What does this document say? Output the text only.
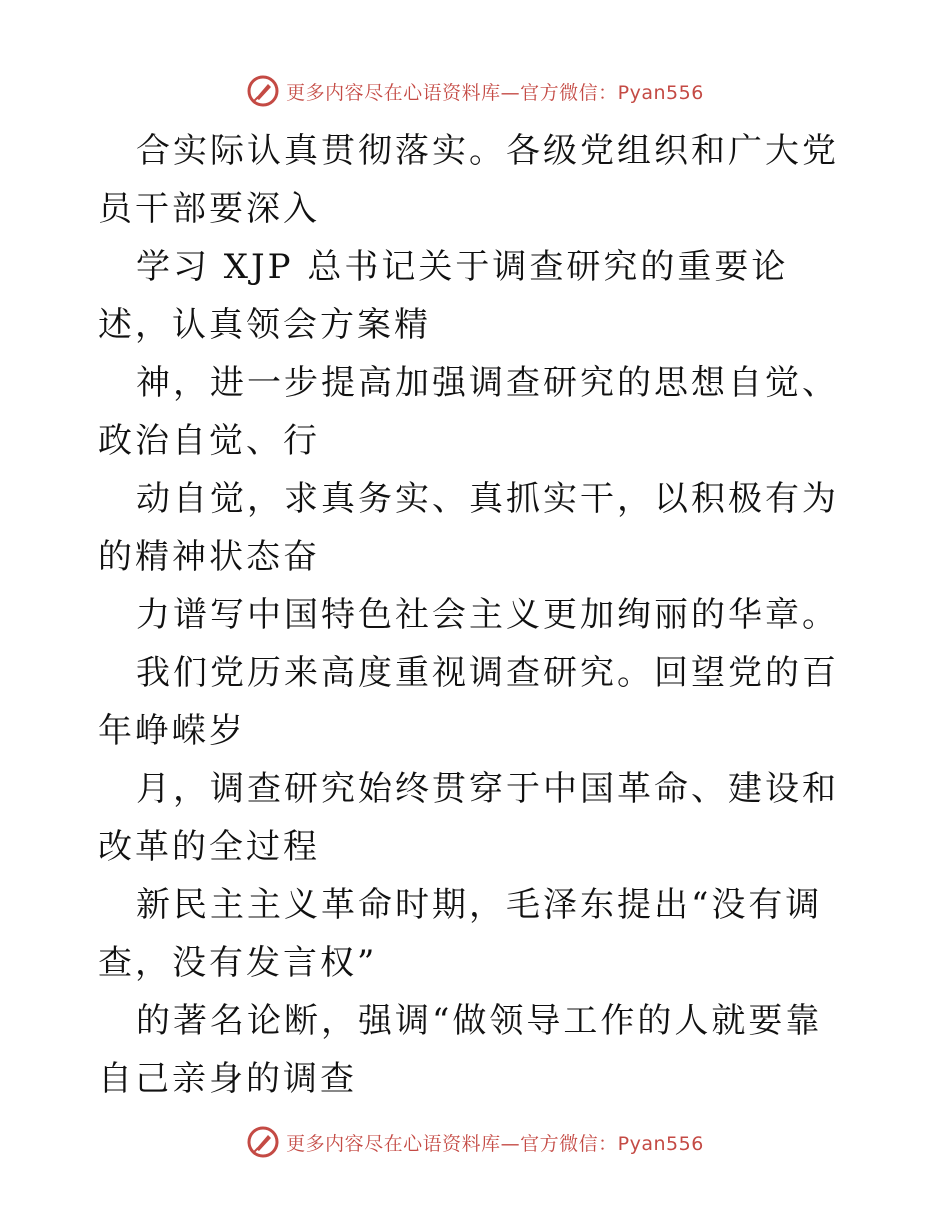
更多内容尽在心语资料库—官方微信：Pyan556

合实际认真贯彻落实。各级党组织和广大党员干部要深入

学习 XJP 总书记关于调查研究的重要论述，认真领会方案精

神，进一步提高加强调查研究的思想自觉、政治自觉、行

动自觉，求真务实、真抓实干，以积极有为的精神状态奋

力谱写中国特色社会主义更加绚丽的华章。

我们党历来高度重视调查研究。回望党的百年峥嵘岁

月，调查研究始终贯穿于中国革命、建设和改革的全过程

新民主主义革命时期，毛泽东提出“没有调查，没有发言权”

的著名论断，强调“做领导工作的人就要靠自己亲身的调查

更多内容尽在心语资料库—官方微信：Pyan556
